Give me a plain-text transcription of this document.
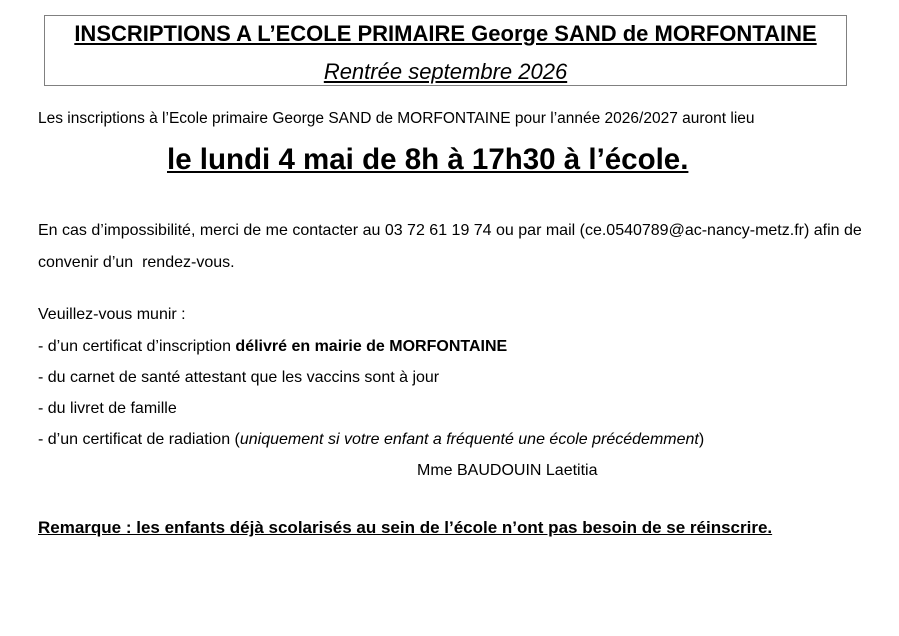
INSCRIPTIONS A L’ECOLE PRIMAIRE George SAND de MORFONTAINE
Rentrée septembre 2026
Les inscriptions à l’Ecole primaire George SAND de MORFONTAINE pour l’année 2026/2027 auront lieu
le lundi 4 mai de 8h à 17h30 à l’école.
En cas d’impossibilité, merci de me contacter au 03 72 61 19 74 ou par mail (ce.0540789@ac-nancy-metz.fr) afin de
convenir d’un  rendez-vous.
Veuillez-vous munir :
- d’un certificat d’inscription délivré en mairie de MORFONTAINE
- du carnet de santé attestant que les vaccins sont à jour
- du livret de famille
- d’un certificat de radiation (uniquement si votre enfant a fréquenté une école précédemment)
Mme BAUDOUIN Laetitia
Remarque : les enfants déjà scolarisés au sein de l’école n’ont pas besoin de se réinscrire.
